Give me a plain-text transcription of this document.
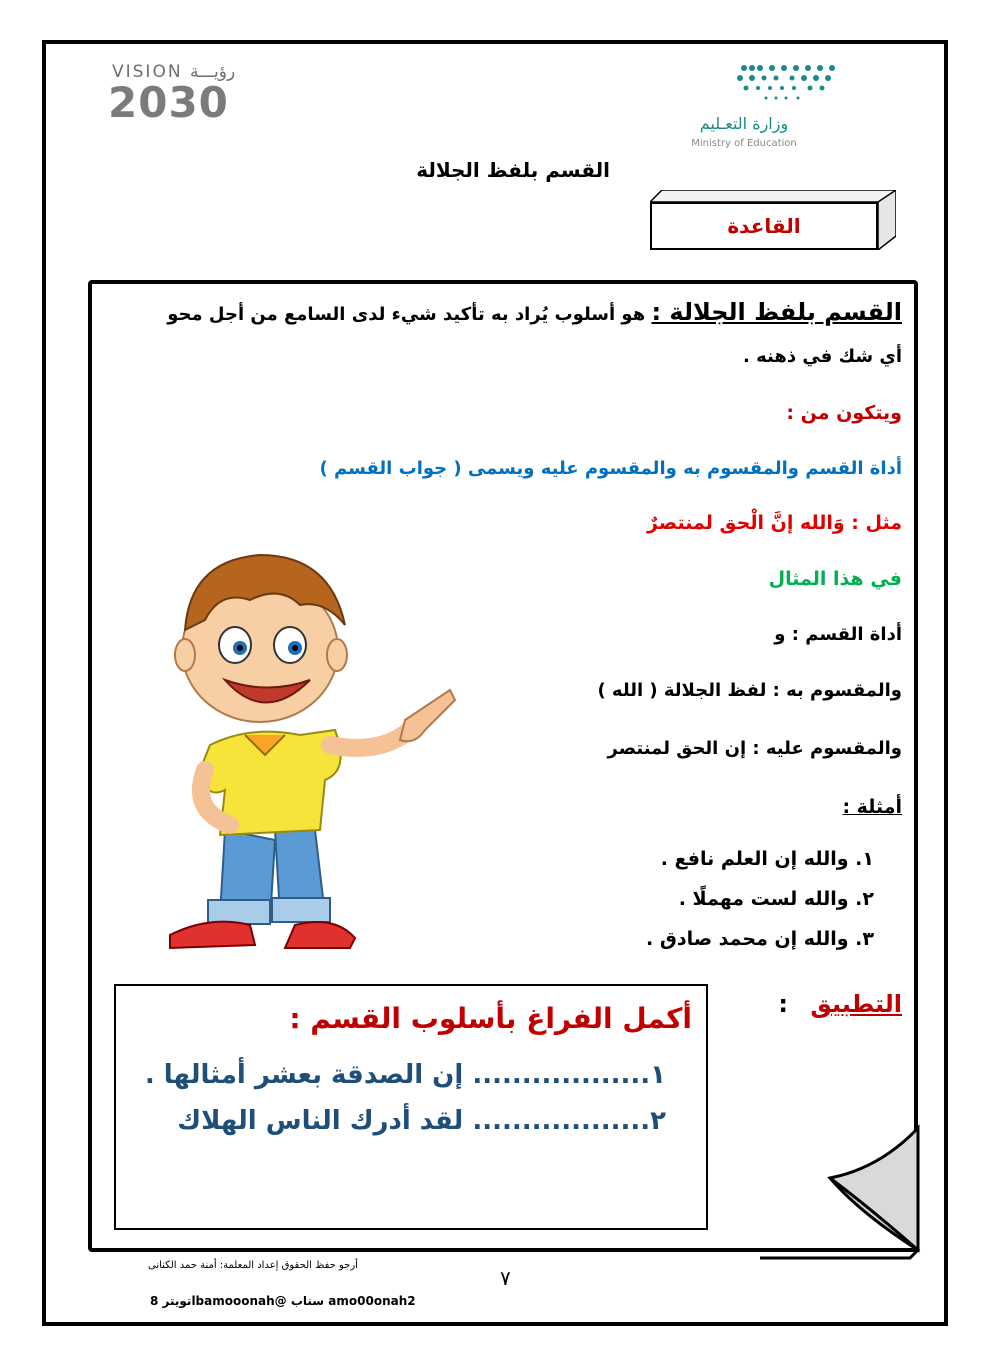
VISION رؤيـــة
2030	وزارة التعـليم
Ministry of Education
القسم بلفظ الجلالة
القاعدة
القسم بلفظ الجلالة : هو أسلوب يُراد به تأكيد شيء لدى السامع من أجل محو
أي شك في ذهنه .
ويتكون من :
أداة القسم والمقسوم به والمقسوم عليه ويسمى ( جواب القسم )
مثل : وَالله إنَّ الْحق لمنتصرٌ
في هذا المثال
أداة القسم : و
والمقسوم به : لفظ الجلالة ( الله )
والمقسوم عليه : إن الحق لمنتصر
أمثلة :
١. والله إن العلم نافع .
٢. والله لست مهملًا .
٣. والله إن محمد صادق .
التطبيق :
أكمل الفراغ بأسلوب القسم :
١.................. إن الصدقة بعشر أمثالها .
٢.................. لقد أدرك الناس الهلاك
أرجو حفظ الحقوق إعداد المعلمة: أمنة حمد الكنانى
٧
تويتر 8lbamooonah@ سناب amo00onah2
